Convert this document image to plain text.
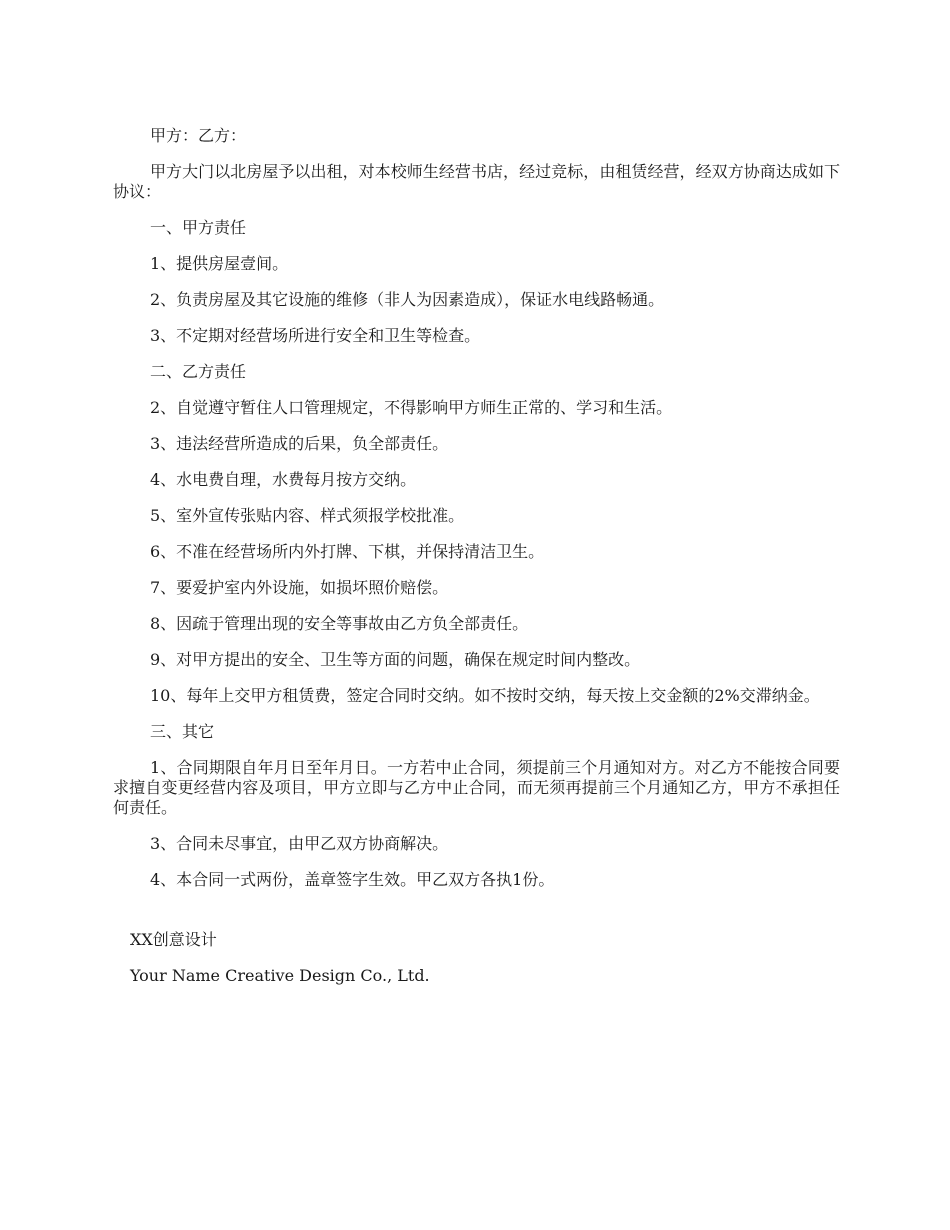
甲方：乙方：

甲方大门以北房屋予以出租，对本校师生经营书店，经过竞标，由租赁经营，经双方协商达成如下协议：

一、甲方责任

1、提供房屋壹间。

2、负责房屋及其它设施的维修（非人为因素造成），保证水电线路畅通。

3、不定期对经营场所进行安全和卫生等检查。

二、乙方责任

2、自觉遵守暂住人口管理规定，不得影响甲方师生正常的、学习和生活。

3、违法经营所造成的后果，负全部责任。

4、水电费自理，水费每月按方交纳。

5、室外宣传张贴内容、样式须报学校批准。

6、不准在经营场所内外打牌、下棋，并保持清洁卫生。

7、要爱护室内外设施，如损坏照价赔偿。

8、因疏于管理出现的安全等事故由乙方负全部责任。

9、对甲方提出的安全、卫生等方面的问题，确保在规定时间内整改。

10、每年上交甲方租赁费，签定合同时交纳。如不按时交纳，每天按上交金额的2%交滞纳金。

三、其它

1、合同期限自年月日至年月日。一方若中止合同，须提前三个月通知对方。对乙方不能按合同要求擅自变更经营内容及项目，甲方立即与乙方中止合同，而无须再提前三个月通知乙方，甲方不承担任何责任。

3、合同未尽事宜，由甲乙双方协商解决。

4、本合同一式两份，盖章签字生效。甲乙双方各执1份。

XX创意设计
Your Name Creative Design Co., Ltd.
